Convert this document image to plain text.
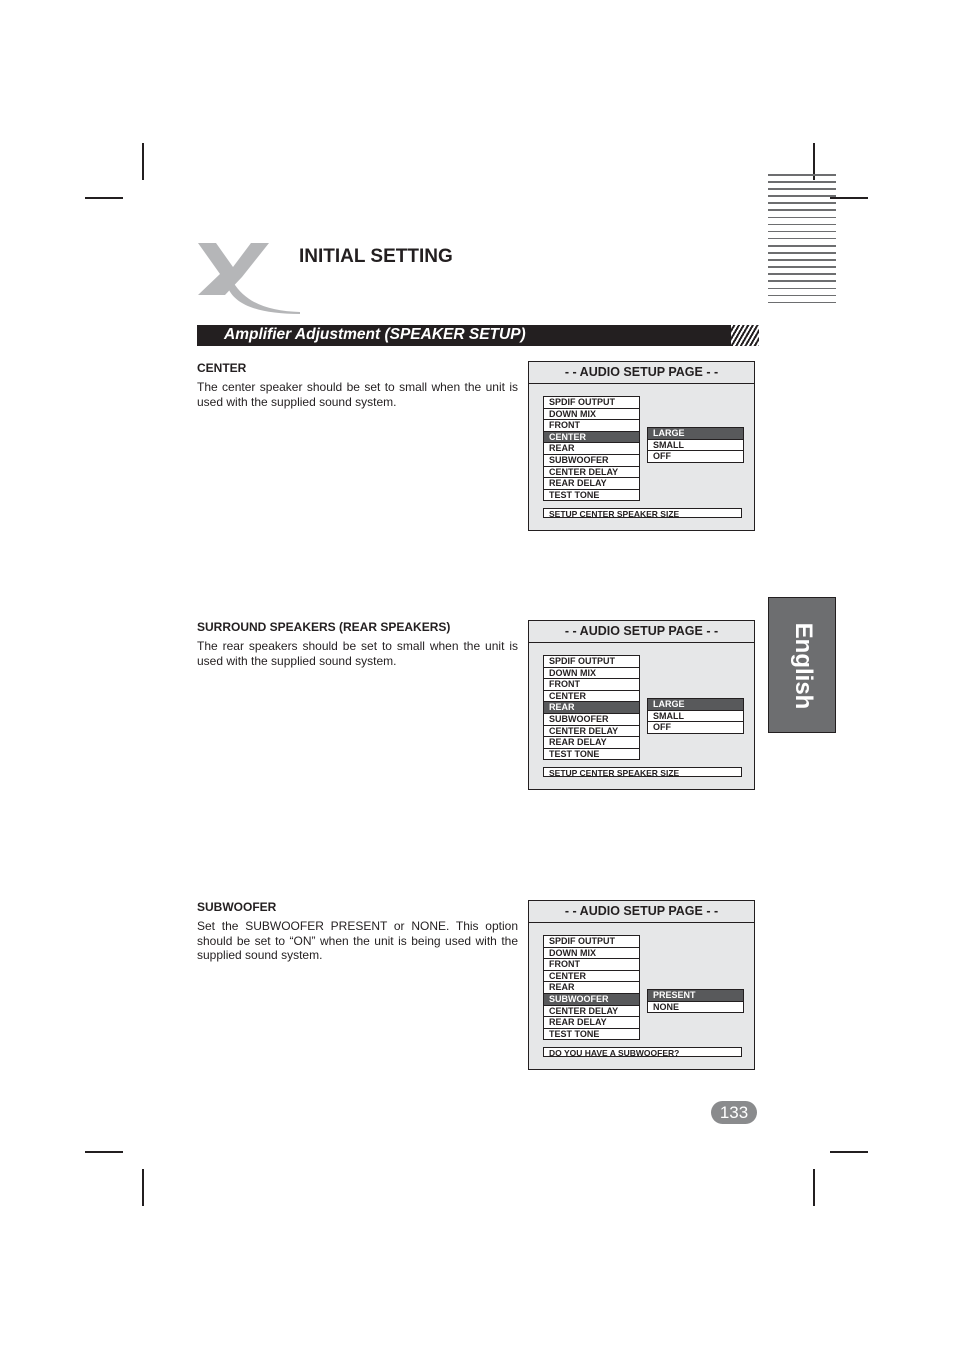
INITIAL SETTING
Amplifier Adjustment (SPEAKER SETUP)
CENTER

The center speaker should be set to small when the unit is used with the supplied sound system.

- - AUDIO SETUP PAGE - -
SPDIF OUTPUT
DOWN MIX
FRONT
CENTER
REAR
SUBWOOFER
CENTER DELAY
REAR DELAY
TEST TONE
LARGE
SMALL
OFF
SETUP CENTER SPEAKER SIZE
SURROUND SPEAKERS (REAR SPEAKERS)

The rear speakers should be set to small when the unit is used with the supplied sound system.

- - AUDIO SETUP PAGE - -
SPDIF OUTPUT
DOWN MIX
FRONT
CENTER
REAR
SUBWOOFER
CENTER DELAY
REAR DELAY
TEST TONE
LARGE
SMALL
OFF
SETUP CENTER SPEAKER SIZE
SUBWOOFER

Set the SUBWOOFER PRESENT or NONE. This option should be set to “ON” when the unit is being used with the supplied sound system.

- - AUDIO SETUP PAGE - -
SPDIF OUTPUT
DOWN MIX
FRONT
CENTER
REAR
SUBWOOFER
CENTER DELAY
REAR DELAY
TEST TONE
PRESENT
NONE
DO YOU HAVE A SUBWOOFER?
English
133
